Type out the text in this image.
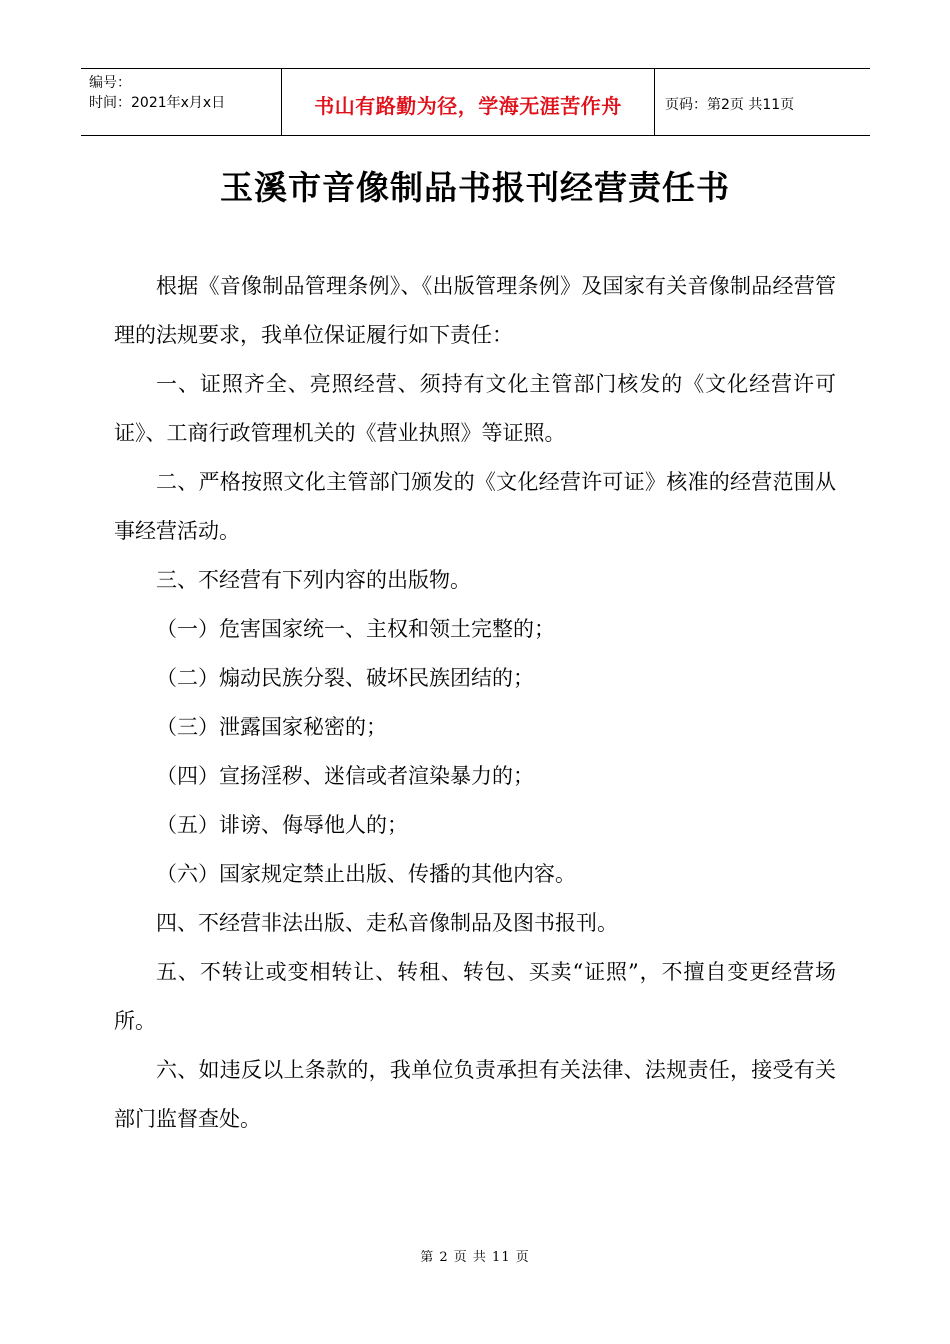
编号：
时间：2021年x月x日	书山有路勤为径，学海无涯苦作舟	页码：第2页 共11页
玉溪市音像制品书报刊经营责任书

根据《音像制品管理条例》、《出版管理条例》及国家有关音像制品经营管理的法规要求，我单位保证履行如下责任：

一、证照齐全、亮照经营、须持有文化主管部门核发的《文化经营许可证》、工商行政管理机关的《营业执照》等证照。

二、严格按照文化主管部门颁发的《文化经营许可证》核准的经营范围从事经营活动。

三、不经营有下列内容的出版物。

（一）危害国家统一、主权和领土完整的；

（二）煽动民族分裂、破坏民族团结的；

（三）泄露国家秘密的；

（四）宣扬淫秽、迷信或者渲染暴力的；

（五）诽谤、侮辱他人的；

（六）国家规定禁止出版、传播的其他内容。

四、不经营非法出版、走私音像制品及图书报刊。

五、不转让或变相转让、转租、转包、买卖“证照”，不擅自变更经营场所。

六、如违反以上条款的，我单位负责承担有关法律、法规责任，接受有关部门监督查处。

第 2 页 共 11 页
